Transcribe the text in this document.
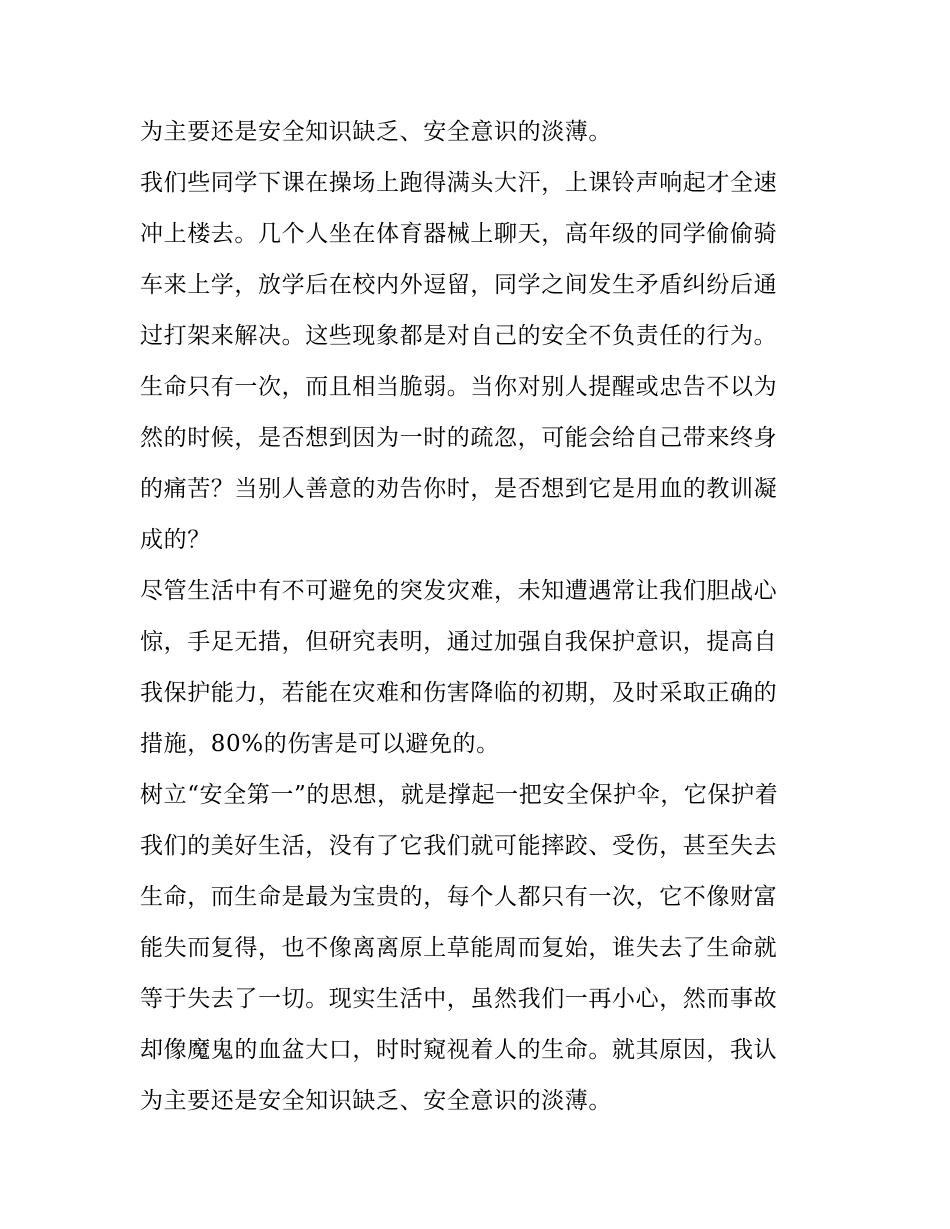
为主要还是安全知识缺乏、安全意识的淡薄。
我们些同学下课在操场上跑得满头大汗，上课铃声响起才全速
冲上楼去。几个人坐在体育器械上聊天，高年级的同学偷偷骑
车来上学，放学后在校内外逗留，同学之间发生矛盾纠纷后通
过打架来解决。这些现象都是对自己的安全不负责任的行为。
生命只有一次，而且相当脆弱。当你对别人提醒或忠告不以为
然的时候，是否想到因为一时的疏忽，可能会给自己带来终身
的痛苦？当别人善意的劝告你时，是否想到它是用血的教训凝
成的？
尽管生活中有不可避免的突发灾难，未知遭遇常让我们胆战心
惊，手足无措，但研究表明，通过加强自我保护意识，提高自
我保护能力，若能在灾难和伤害降临的初期，及时采取正确的
措施，80%的伤害是可以避免的。
树立“安全第一”的思想，就是撑起一把安全保护伞，它保护着
我们的美好生活，没有了它我们就可能摔跤、受伤，甚至失去
生命，而生命是最为宝贵的，每个人都只有一次，它不像财富
能失而复得，也不像离离原上草能周而复始，谁失去了生命就
等于失去了一切。现实生活中，虽然我们一再小心，然而事故
却像魔鬼的血盆大口，时时窥视着人的生命。就其原因，我认
为主要还是安全知识缺乏、安全意识的淡薄。
